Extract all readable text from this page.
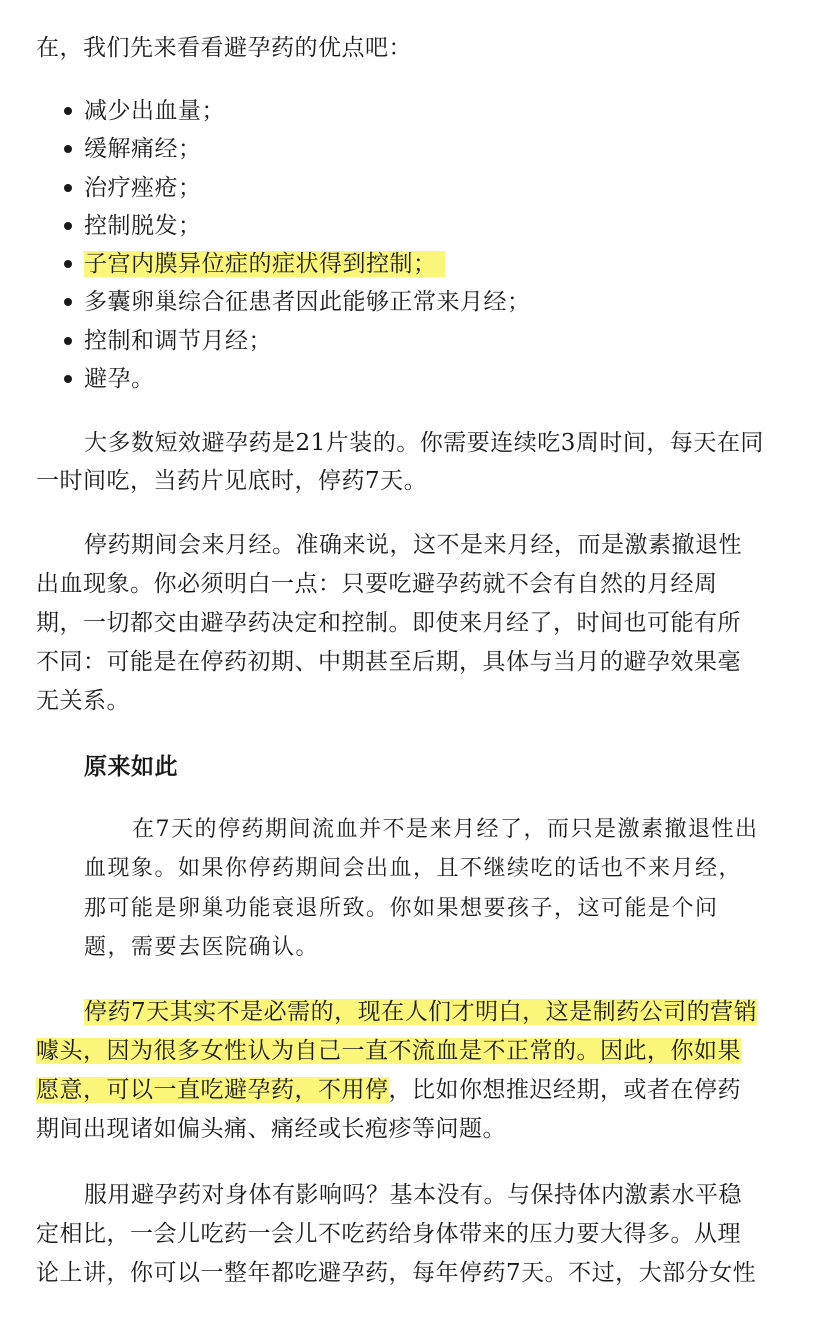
在，我们先来看看避孕药的优点吧：
减少出血量；
缓解痛经；
治疗痤疮；
控制脱发；
子宫内膜异位症的症状得到控制；
多囊卵巢综合征患者因此能够正常来月经；
控制和调节月经；
避孕。
大多数短效避孕药是21片装的。你需要连续吃3周时间，每天在同
一时间吃，当药片见底时，停药7天。
停药期间会来月经。准确来说，这不是来月经，而是激素撤退性
出血现象。你必须明白一点：只要吃避孕药就不会有自然的月经周
期，一切都交由避孕药决定和控制。即使来月经了，时间也可能有所
不同：可能是在停药初期、中期甚至后期，具体与当月的避孕效果毫
无关系。
原来如此
在7天的停药期间流血并不是来月经了，而只是激素撤退性出
血现象。如果你停药期间会出血，且不继续吃的话也不来月经，
那可能是卵巢功能衰退所致。你如果想要孩子，这可能是个问
题，需要去医院确认。
停药7天其实不是必需的，现在人们才明白，这是制药公司的营销
噱头，因为很多女性认为自己一直不流血是不正常的。因此，你如果
愿意，可以一直吃避孕药，不用停，比如你想推迟经期，或者在停药
期间出现诸如偏头痛、痛经或长疱疹等问题。
服用避孕药对身体有影响吗？基本没有。与保持体内激素水平稳
定相比，一会儿吃药一会儿不吃药给身体带来的压力要大得多。从理
论上讲，你可以一整年都吃避孕药，每年停药7天。不过，大部分女性
